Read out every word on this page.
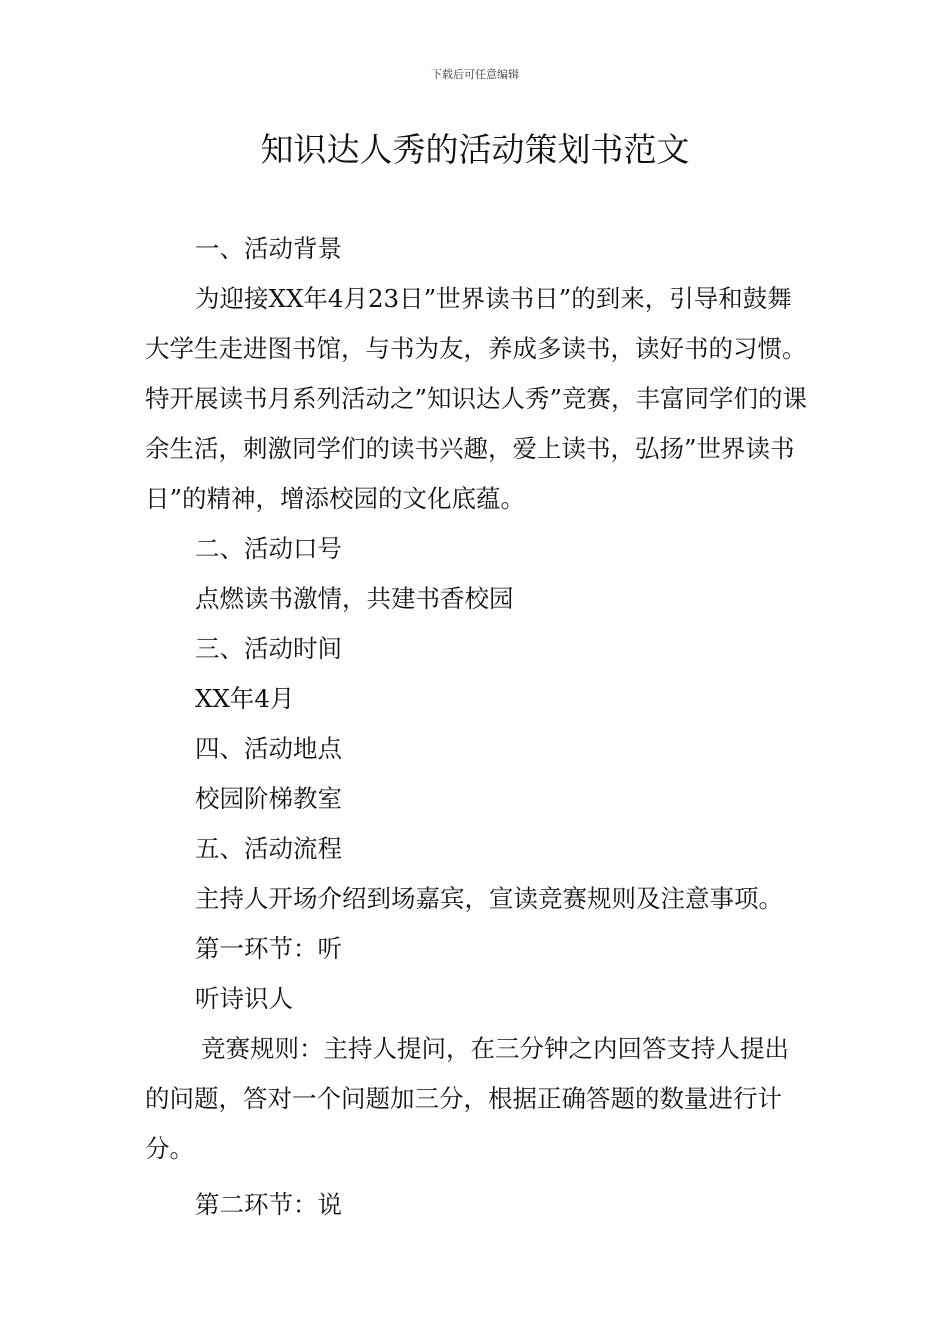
下载后可任意编辑
知识达人秀的活动策划书范文

一、活动背景

为迎接XX年4月23日”世界读书日”的到来，引导和鼓舞大学生走进图书馆，与书为友，养成多读书，读好书的习惯。特开展读书月系列活动之”知识达人秀”竞赛，丰富同学们的课余生活，刺激同学们的读书兴趣，爱上读书，弘扬”世界读书日”的精神，增添校园的文化底蕴。

二、活动口号

点燃读书激情，共建书香校园

三、活动时间

XX年4月

四、活动地点

校园阶梯教室

五、活动流程

主持人开场介绍到场嘉宾，宣读竞赛规则及注意事项。

第一环节：听

听诗识人

竞赛规则：主持人提问，在三分钟之内回答支持人提出的问题，答对一个问题加三分，根据正确答题的数量进行计分。

第二环节：说
